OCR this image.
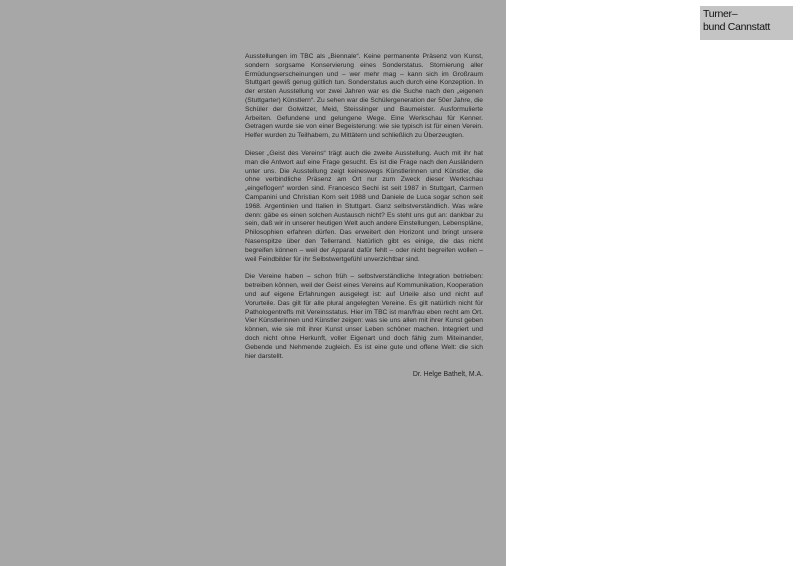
Ausstellungen im TBC als „Biennale“. Keine permanente Präsenz von Kunst, sondern sorgsame Konservierung eines Sonderstatus. Stornierung aller Ermüdungserscheinungen und – wer mehr mag – kann sich im Großraum Stuttgart gewiß genug gütlich tun. Sonderstatus auch durch eine Konzeption. In der ersten Ausstellung vor zwei Jahren war es die Suche nach den „eigenen (Stuttgarter) Künstlern“. Zu sehen war die Schülergeneration der 50er Jahre, die Schüler der Golwitzer, Meid, Steisslinger und Baumeister. Ausformulierte Arbeiten. Gefundene und gelungene Wege. Eine Werkschau für Kenner. Getragen wurde sie von einer Begeisterung: wie sie typisch ist für einen Verein. Helfer wurden zu Teilhabern, zu Mittätern und schließlich zu Überzeugten.

Dieser „Geist des Vereins“ trägt auch die zweite Ausstellung. Auch mit ihr hat man die Antwort auf eine Frage gesucht. Es ist die Frage nach den Ausländern unter uns. Die Ausstellung zeigt keineswegs Künstlerinnen und Künstler, die ohne verbindliche Präsenz am Ort nur zum Zweck dieser Werkschau „eingeflogen“ worden sind. Francesco Sechi ist seit 1987 in Stuttgart, Carmen Campanini und Christian Korn seit 1988 und Daniele de Luca sogar schon seit 1968. Argentinien und Italien in Stuttgart. Ganz selbstverständlich. Was wäre denn: gäbe es einen solchen Austausch nicht? Es steht uns gut an: dankbar zu sein, daß wir in unserer heutigen Welt auch andere Einstellungen, Lebenspläne, Philosophien erfahren dürfen. Das erweitert den Horizont und bringt unsere Nasenspitze über den Tellerrand. Natürlich gibt es einige, die das nicht begreifen können – weil der Apparat dafür fehlt – oder nicht begreifen wollen – weil Feindbilder für ihr Selbstwertgefühl unverzichtbar sind.

Die Vereine haben – schon früh – selbstverständliche Integration betrieben: betreiben können, weil der Geist eines Vereins auf Kommunikation, Kooperation und auf eigene Erfahrungen ausgelegt ist: auf Urteile also und nicht auf Vorurteile. Das gilt für alle plural angelegten Vereine. Es gilt natürlich nicht für Pathologentreffs mit Vereinsstatus. Hier im TBC ist man/frau eben recht am Ort. Vier Künstlerinnen und Künstler zeigen: was sie uns allen mit ihrer Kunst geben können, wie sie mit ihrer Kunst unser Leben schöner machen. Integriert und doch nicht ohne Herkunft, voller Eigenart und doch fähig zum Miteinander, Gebende und Nehmende zugleich. Es ist eine gute und offene Welt: die sich hier darstellt.

Dr. Helge Bathelt, M.A.
Turner–
bund Cannstatt
